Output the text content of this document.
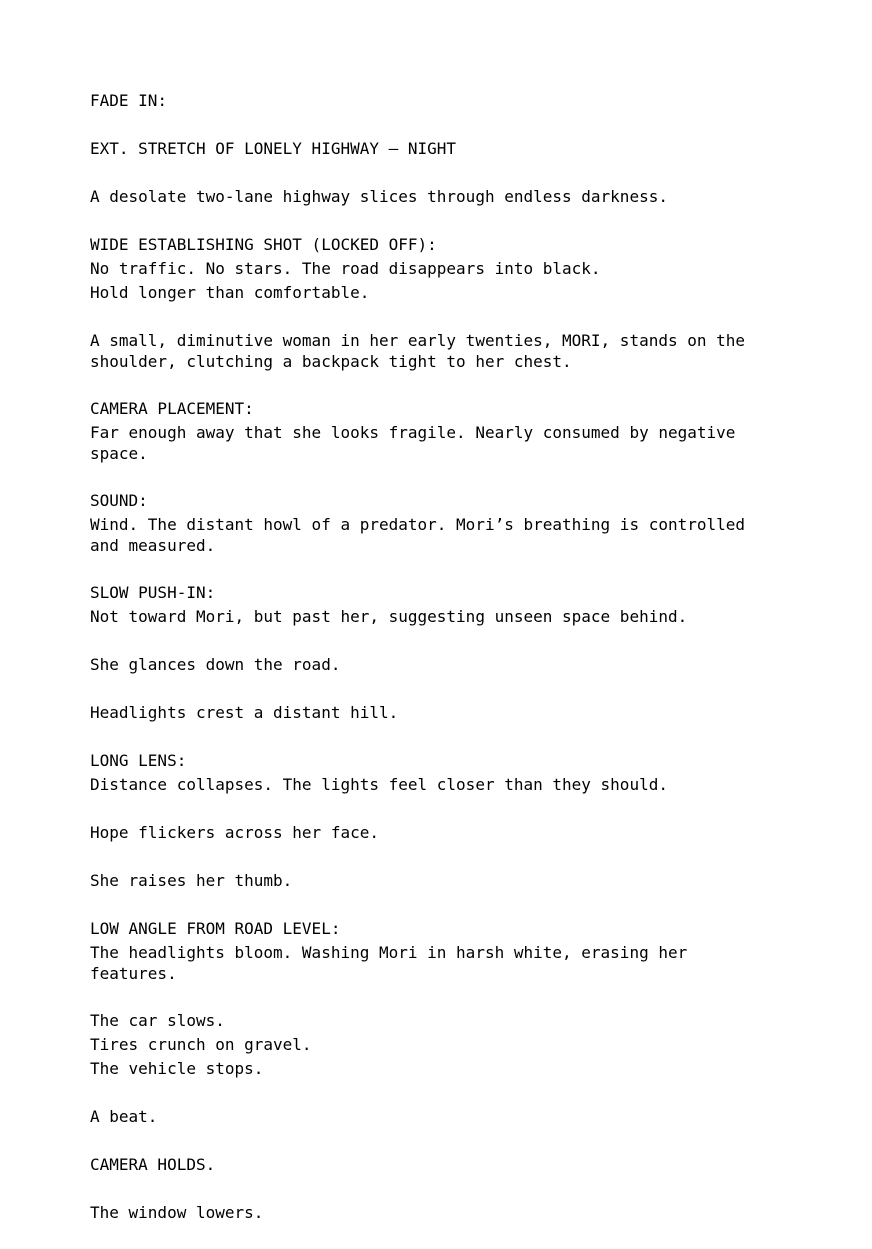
FADE IN:
EXT. STRETCH OF LONELY HIGHWAY – NIGHT
A desolate two-lane highway slices through endless darkness.
WIDE ESTABLISHING SHOT (LOCKED OFF):
No traffic. No stars. The road disappears into black.
Hold longer than comfortable.
A small, diminutive woman in her early twenties, MORI, stands on the
shoulder, clutching a backpack tight to her chest.
CAMERA PLACEMENT:
Far enough away that she looks fragile. Nearly consumed by negative
space.
SOUND:
Wind. The distant howl of a predator. Mori’s breathing is controlled
and measured.
SLOW PUSH-IN:
Not toward Mori, but past her, suggesting unseen space behind.
She glances down the road.
Headlights crest a distant hill.
LONG LENS:
Distance collapses. The lights feel closer than they should.
Hope flickers across her face.
She raises her thumb.
LOW ANGLE FROM ROAD LEVEL:
The headlights bloom. Washing Mori in harsh white, erasing her
features.
The car slows.
Tires crunch on gravel.
The vehicle stops.
A beat.
CAMERA HOLDS.
The window lowers.
